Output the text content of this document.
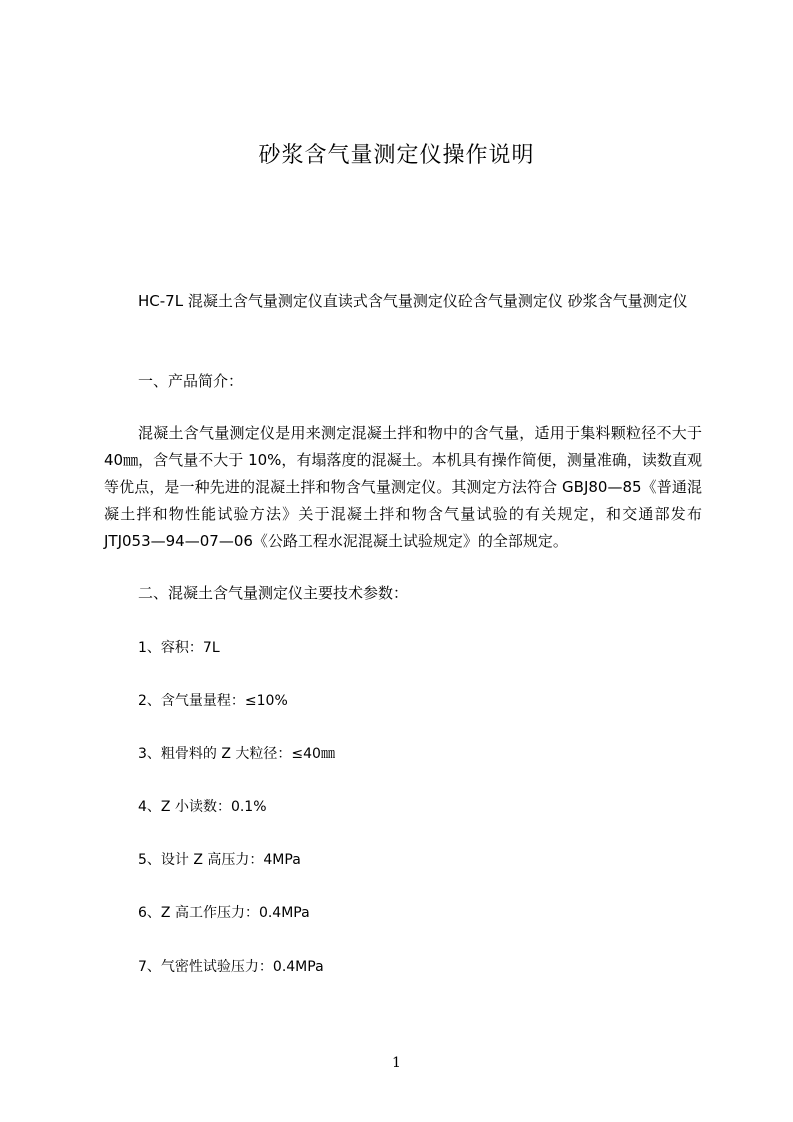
砂浆含气量测定仪操作说明
HC-7L 混凝土含气量测定仪直读式含气量测定仪砼含气量测定仪 砂浆含气量测定仪
一、产品简介：
混凝土含气量测定仪是用来测定混凝土拌和物中的含气量，适用于集料颗粒径不大于 40㎜，含气量不大于 10%，有塌落度的混凝土。本机具有操作简便，测量准确，读数直观等优点，是一种先进的混凝土拌和物含气量测定仪。其测定方法符合 GBJ80—85《普通混凝土拌和物性能试验方法》关于混凝土拌和物含气量试验的有关规定，和交通部发布 JTJ053—94—07—06《公路工程水泥混凝土试验规定》的全部规定。
二、混凝土含气量测定仪主要技术参数：
1、容积：7L
2、含气量量程：≤10%
3、粗骨料的 Z 大粒径：≤40㎜
4、Z 小读数：0.1%
5、设计 Z 高压力：4MPa
6、Z 高工作压力：0.4MPa
7、气密性试验压力：0.4MPa
1
